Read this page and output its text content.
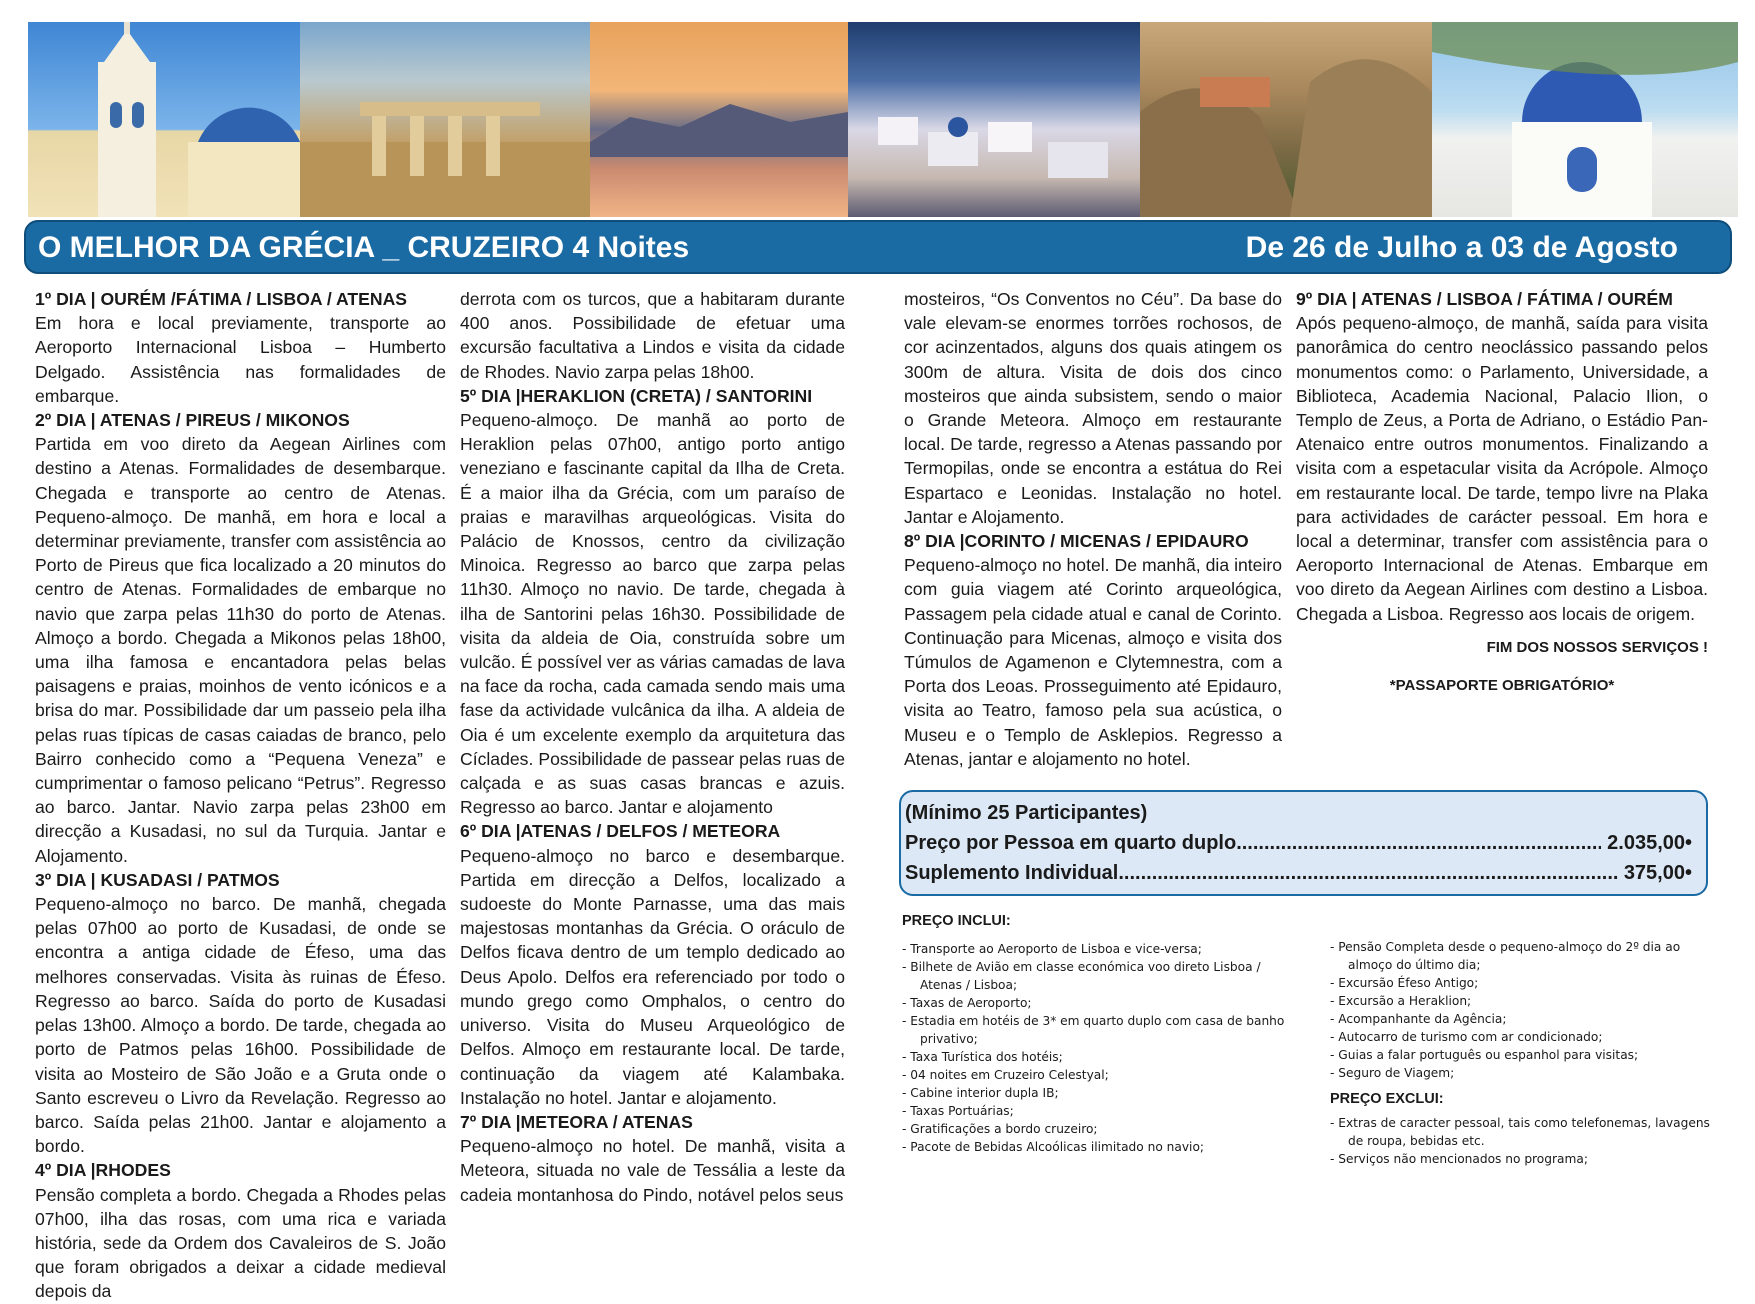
O MELHOR DA GRÉCIA _ CRUZEIRO 4 Noites	De 26 de Julho a 03 de Agosto
1º DIA | OURÉM /FÁTIMA / LISBOA / ATENAS

Em hora e local previamente, transporte ao Aeroporto Internacional Lisboa – Humberto Delgado. Assistência nas formalidades de embarque.

2º DIA | ATENAS / PIREUS / MIKONOS

Partida em voo direto da Aegean Airlines com destino a Atenas. Formalidades de desembarque. Chegada e transporte ao centro de Atenas. Pequeno-almoço. De manhã, em hora e local a determinar previamente, transfer com assistência ao Porto de Pireus que fica localizado a 20 minutos do centro de Atenas. Formalidades de embarque no navio que zarpa pelas 11h30 do porto de Atenas. Almoço a bordo. Chegada a Mikonos pelas 18h00, uma ilha famosa e encantadora pelas belas paisagens e praias, moinhos de vento icónicos e a brisa do mar. Possibilidade dar um passeio pela ilha pelas ruas típicas de casas caiadas de branco, pelo Bairro conhecido como a “Pequena Veneza” e cumprimentar o famoso pelicano “Petrus”. Regresso ao barco. Jantar. Navio zarpa pelas 23h00 em direcção a Kusadasi, no sul da Turquia. Jantar e Alojamento.

3º DIA | KUSADASI / PATMOS

Pequeno-almoço no barco. De manhã, chegada pelas 07h00 ao porto de Kusadasi, de onde se encontra a antiga cidade de Éfeso, uma das melhores conservadas. Visita às ruinas de Éfeso. Regresso ao barco. Saída do porto de Kusadasi pelas 13h00. Almoço a bordo. De tarde, chegada ao porto de Patmos pelas 16h00. Possibilidade de visita ao Mosteiro de São João e a Gruta onde o Santo escreveu o Livro da Revelação. Regresso ao barco. Saída pelas 21h00. Jantar e alojamento a bordo.

4º DIA |RHODES

Pensão completa a bordo. Chegada a Rhodes pelas 07h00, ilha das rosas, com uma rica e variada história, sede da Ordem dos Cavaleiros de S. João que foram obrigados a deixar a cidade medieval depois da

derrota com os turcos, que a habitaram durante 400 anos. Possibilidade de efetuar uma excursão facultativa a Lindos e visita da cidade de Rhodes. Navio zarpa pelas 18h00.

5º DIA |HERAKLION (CRETA) / SANTORINI

Pequeno-almoço. De manhã ao porto de Heraklion pelas 07h00, antigo porto antigo veneziano e fascinante capital da Ilha de Creta. É a maior ilha da Grécia, com um paraíso de praias e maravilhas arqueológicas. Visita do Palácio de Knossos, centro da civilização Minoica. Regresso ao barco que zarpa pelas 11h30. Almoço no navio. De tarde, chegada à ilha de Santorini pelas 16h30. Possibilidade de visita da aldeia de Oia, construída sobre um vulcão. É possível ver as várias camadas de lava na face da rocha, cada camada sendo mais uma fase da actividade vulcânica da ilha. A aldeia de Oia é um excelente exemplo da arquitetura das Cíclades. Possibilidade de passear pelas ruas de calçada e as suas casas brancas e azuis. Regresso ao barco. Jantar e alojamento

6º DIA |ATENAS / DELFOS / METEORA

Pequeno-almoço no barco e desembarque. Partida em direcção a Delfos, localizado a sudoeste do Monte Parnasse, uma das mais majestosas montanhas da Grécia. O oráculo de Delfos ficava dentro de um templo dedicado ao Deus Apolo. Delfos era referenciado por todo o mundo grego como Omphalos, o centro do universo. Visita do Museu Arqueológico de Delfos. Almoço em restaurante local. De tarde, continuação da viagem até Kalambaka. Instalação no hotel. Jantar e alojamento.

7º DIA |METEORA / ATENAS

Pequeno-almoço no hotel. De manhã, visita a Meteora, situada no vale de Tessália a leste da cadeia montanhosa do Pindo, notável pelos seus

mosteiros, “Os Conventos no Céu”. Da base do vale elevam-se enormes torrões rochosos, de cor acinzentados, alguns dos quais atingem os 300m de altura. Visita de dois dos cinco mosteiros que ainda subsistem, sendo o maior o Grande Meteora. Almoço em restaurante local. De tarde, regresso a Atenas passando por Termopilas, onde se encontra a estátua do Rei Espartaco e Leonidas. Instalação no hotel. Jantar e Alojamento.

8º DIA |CORINTO / MICENAS / EPIDAURO

Pequeno-almoço no hotel. De manhã, dia inteiro com guia viagem até Corinto arqueológica, Passagem pela cidade atual e canal de Corinto. Continuação para Micenas, almoço e visita dos Túmulos de Agamenon e Clytemnestra, com a Porta dos Leoas. Prosseguimento até Epidauro, visita ao Teatro, famoso pela sua acústica, o Museu e o Templo de Asklepios. Regresso a Atenas, jantar e alojamento no hotel.

9º DIA | ATENAS / LISBOA / FÁTIMA / OURÉM

Após pequeno-almoço, de manhã, saída para visita panorâmica do centro neoclássico passando pelos monumentos como: o Parlamento, Universidade, a Biblioteca, Academia Nacional, Palacio Ilion, o Templo de Zeus, a Porta de Adriano, o Estádio Pan-Atenaico entre outros monumentos. Finalizando a visita com a espetacular visita da Acrópole. Almoço em restaurante local. De tarde, tempo livre na Plaka para actividades de carácter pessoal. Em hora e local a determinar, transfer com assistência para o Aeroporto Internacional de Atenas. Embarque em voo direto da Aegean Airlines com destino a Lisboa. Chegada a Lisboa. Regresso aos locais de origem.

FIM DOS NOSSOS SERVIÇOS !

*PASSAPORTE OBRIGATÓRIO*

(Mínimo 25 Participantes)
Preço por Pessoa em quarto duplo .....	2.035,00•
Suplemento Individual .....	375,00•
PREÇO INCLUI:
- Transporte ao Aeroporto de Lisboa e vice-versa;
- Bilhete de Avião em classe económica voo direto Lisboa / Atenas / Lisboa;
- Taxas de Aeroporto;
- Estadia em hotéis de 3* em quarto duplo com casa de banho privativo;
- Taxa Turística dos hotéis;
- 04 noites em Cruzeiro Celestyal;
- Cabine interior dupla IB;
- Taxas Portuárias;
- Gratificações a bordo cruzeiro;
- Pacote de Bebidas Alcoólicas ilimitado no navio;
- Pensão Completa desde o pequeno-almoço do 2º dia ao almoço do último dia;
- Excursão Éfeso Antigo;
- Excursão a Heraklion;
- Acompanhante da Agência;
- Autocarro de turismo com ar condicionado;
- Guias a falar português ou espanhol para visitas;
- Seguro de Viagem;
PREÇO EXCLUI:
- Extras de caracter pessoal, tais como telefonemas, lavagens de roupa, bebidas etc.
- Serviços não mencionados no programa;
